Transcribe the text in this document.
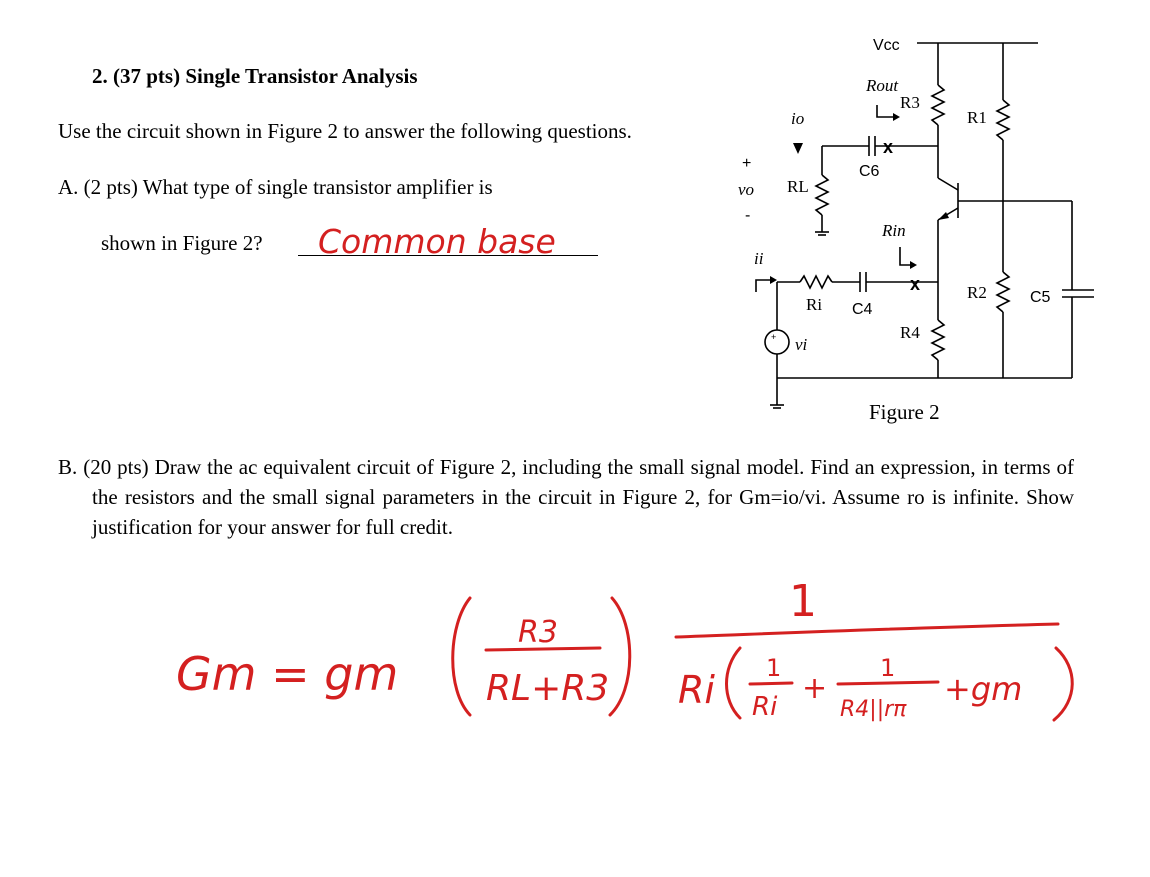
2. (37 pts) Single Transistor Analysis
Use the circuit shown in Figure 2 to answer the following questions.
A. (2 pts) What type of single transistor amplifier is
shown in Figure 2?
B. (20 pts) Draw the ac equivalent circuit of Figure 2, including the small signal model. Find an expression, in terms of the resistors and the small signal parameters in the circuit in Figure 2, for Gm=io/vi. Assume ro is infinite. Show justification for your answer for full credit.
Figure 2
Common base
Vcc
R3
Rout
R1
C6
x
io
RL
+
vo
-
Rin
ii
x
Ri C4
R4
R2	C5
+ vi
Gm = gm
R3
RL+R3
1
Ri 1
Ri
+
1
R4||rπ
+gm
